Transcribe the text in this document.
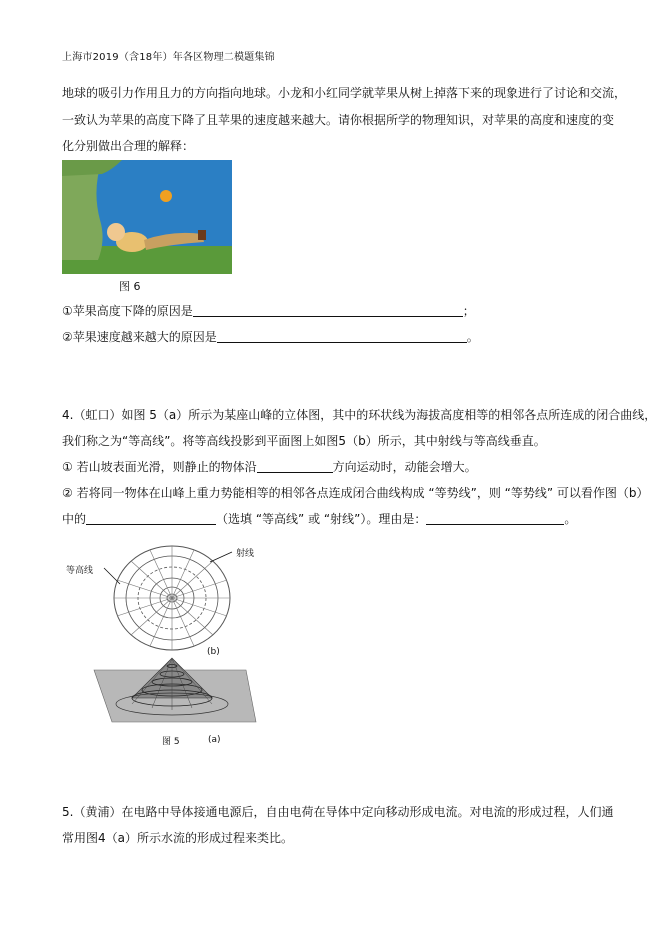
上海市2019（含18年）年各区物理二模题集锦
地球的吸引力作用且力的方向指向地球。小龙和小红同学就苹果从树上掉落下来的现象进行了讨论和交流，
一致认为苹果的高度下降了且苹果的速度越来越大。请你根据所学的物理知识，对苹果的高度和速度的变
化分别做出合理的解释：
图 6
①苹果高度下降的原因是	；
②苹果速度越来越大的原因是	。
4.（虹口）如图 5（a）所示为某座山峰的立体图，其中的环状线为海拔高度相等的相邻各点所连成的闭合曲线，
我们称之为“等高线”。将等高线投影到平面图上如图5（b）所示，其中射线与等高线垂直。
① 若山坡表面光滑，则静止的物体沿	方向运动时，动能会增大。
② 若将同一物体在山峰上重力势能相等的相邻各点连成闭合曲线构成 “等势线”，则 “等势线” 可以看作图（b）
中的	（选填 “等高线” 或 “射线”）。理由是：	。
等高线
射线
(b)
图 5	(a)
5.（黄浦）在电路中导体接通电源后，自由电荷在导体中定向移动形成电流。对电流的形成过程，人们通
常用图4（a）所示水流的形成过程来类比。
